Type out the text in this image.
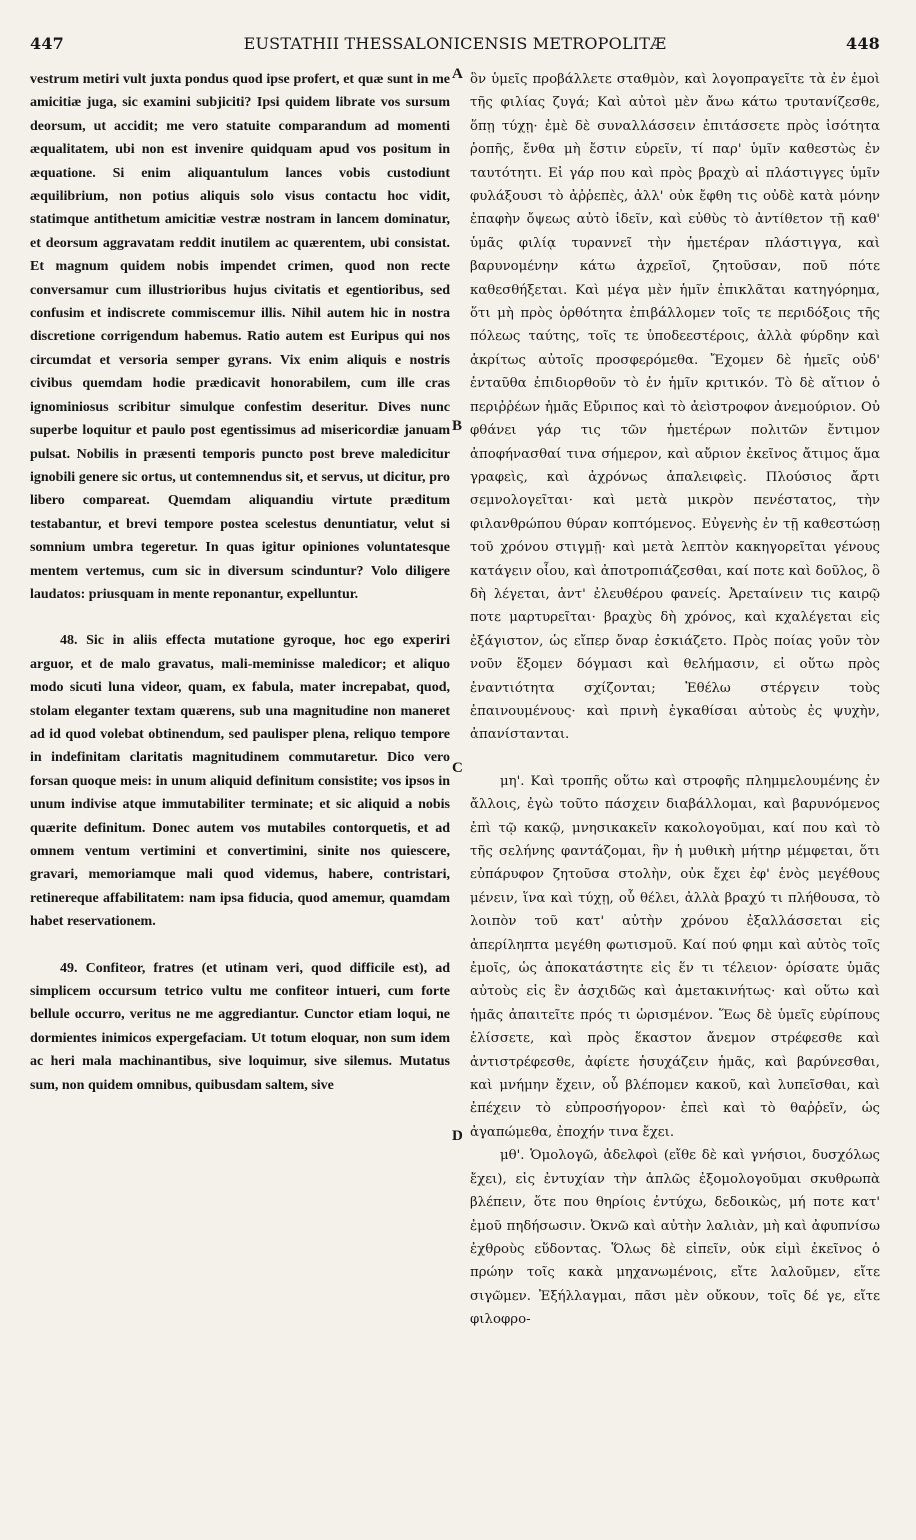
447	EUSTATHII THESSALONICENSIS METROPOLITÆ	448

vestrum metiri vult juxta pondus quod ipse profert, et quæ sunt in me amicitiæ juga, sic examini subjiciti? Ipsi quidem librate vos sursum deorsum, ut accidit; me vero statuite comparandum ad momenti æqualitatem, ubi non est invenire quidquam apud vos positum in æquatione. Si enim aliquantulum lances vobis custodiunt æquilibrium, non potius aliquis solo visus contactu hoc vidit, statimque antithetum amicitiæ vestræ nostram in lancem dominatur, et deorsum aggravatam reddit inutilem ac quærentem, ubi consistat. Et magnum quidem nobis impendet crimen, quod non recte conversamur cum illustrioribus hujus civitatis et egentioribus, sed confusim et indiscrete commiscemur illis. Nihil autem hic in nostra discretione corrigendum habemus. Ratio autem est Euripus qui nos circumdat et versoria semper gyrans. Vix enim aliquis e nostris civibus quemdam hodie prædicavit honorabilem, cum ille cras ignominiosus scribitur simulque confestim deseritur. Dives nunc superbe loquitur et paulo post egentissimus ad misericordiæ januam pulsat. Nobilis in præsenti temporis puncto post breve maledicitur ignobili genere sic ortus, ut contemnendus sit, et servus, ut dicitur, pro libero compareat. Quemdam aliquandiu virtute præditum testabantur, et brevi tempore postea scelestus denuntiatur, velut si somnium umbra tegeretur. In quas igitur opiniones voluntatesque mentem vertemus, cum sic in diversum scinduntur? Volo diligere laudatos: priusquam in mente reponantur, expelluntur.

48. Sic in aliis effecta mutatione gyroque, hoc ego experiri arguor, et de malo gravatus, mali-meminisse maledicor; et aliquo modo sicuti luna videor, quam, ex fabula, mater increpabat, quod, stolam eleganter textam quærens, sub una magnitudine non maneret ad id quod volebat obtinendum, sed paulisper plena, reliquo tempore in indefinitam claritatis magnitudinem commutaretur. Dico vero forsan quoque meis: in unum aliquid definitum consistite; vos ipsos in unum indivise atque immutabiliter terminate; et sic aliquid a nobis quærite definitum. Donec autem vos mutabiles contorquetis, et ad omnem ventum vertimini et convertimini, sinite nos quiescere, gravari, memoriamque mali quod videmus, habere, contristari, retinereque affabilitatem: nam ipsa fiducia, quod amemur, quamdam habet reservationem.

49. Confiteor, fratres (et utinam veri, quod difficile est), ad simplicem occursum tetrico vultu me confiteor intueri, cum forte bellule occurro, veritus ne me aggrediantur. Cunctor etiam loqui, ne dormientes inimicos expergefaciam. Ut totum eloquar, non sum idem ac heri mala machinantibus, sive loquimur, sive silemus. Mutatus sum, non quidem omnibus, quibusdam saltem, sive

A
B
C
D

ὃν ὑμεῖς προβάλλετε σταθμὸν, καὶ λογοπραγεῖτε τὰ ἐν ἐμοὶ τῆς φιλίας ζυγά; Καὶ αὐτοὶ μὲν ἄνω κάτω τρυτανίζεσθε, ὅπῃ τύχῃ· ἐμὲ δὲ συναλλάσσειν ἐπιτάσσετε πρὸς ἰσότητα ῥοπῆς, ἔνθα μὴ ἔστιν εὑρεῖν, τί παρ' ὑμῖν καθεστὼς ἐν ταυτότητι. Εἰ γάρ που καὶ πρὸς βραχὺ αἱ πλάστιγγες ὑμῖν φυλάξουσι τὸ ἀῤῥεπὲς, ἀλλ' οὐκ ἔφθη τις οὐδὲ κατὰ μόνην ἐπαφὴν ὄψεως αὐτὸ ἰδεῖν, καὶ εὐθὺς τὸ ἀντίθετον τῇ καθ' ὑμᾶς φιλίᾳ τυραννεῖ τὴν ἡμετέραν πλάστιγγα, καὶ βαρυνομένην κάτω ἀχρεῖοῖ, ζητοῦσαν, ποῦ πότε καθεσθήξεται. Καὶ μέγα μὲν ἡμῖν ἐπικλᾶται κατηγόρημα, ὅτι μὴ πρὸς ὀρθότητα ἐπιβάλλομεν τοῖς τε περιδόξοις τῆς πόλεως ταύτης, τοῖς τε ὑποδεεστέροις, ἀλλὰ φύρδην καὶ ἀκρίτως αὐτοῖς προσφερόμεθα. Ἔχομεν δὲ ἡμεῖς οὐδ' ἐνταῦθα ἐπιδιορθοῦν τὸ ἐν ἡμῖν κριτικόν. Τὸ δὲ αἴτιον ὁ περιῤῥέων ἡμᾶς Εὔριπος καὶ τὸ ἀεὶστροφον ἀνεμούριον. Οὐ φθάνει γάρ τις τῶν ἡμετέρων πολιτῶν ἔντιμον ἀποφήνασθαί τινα σήμερον, καὶ αὔριον ἐκεῖνος ἄτιμος ἅμα γραφεὶς, καὶ ἀχρόνως ἀπαλειφεὶς. Πλούσιος ἄρτι σεμνολογεῖται· καὶ μετὰ μικρὸν πενέστατος, τὴν φιλανθρώπου θύραν κοπτόμενος. Εὐγενὴς ἐν τῇ καθεστώσῃ τοῦ χρόνου στιγμῇ· καὶ μετὰ λεπτὸν κακηγορεῖται γένους κατάγειν οἷου, καὶ ἀποτροπιάζεσθαι, καί ποτε καὶ δοῦλος, ὃ δὴ λέγεται, ἀντ' ἐλευθέρου φανείς. Ἀρεταίνειν τις καιρῷ ποτε μαρτυρεῖται· βραχὺς δὴ χρόνος, καὶ κχαλέγεται εἰς ἐξάγιστον, ὡς εἴπερ ὄναρ ἐσκιάζετο. Πρὸς ποίας γοῦν τὸν νοῦν ἕξομεν δόγμασι καὶ θελήμασιν, εἰ οὕτω πρὸς ἐναντιότητα σχίζονται; Ἐθέλω στέργειν τοὺς ἐπαινουμένους· καὶ πρινὴ ἐγκαθίσαι αὐτοὺς ἐς ψυχὴν, ἀπανίστανται.

μη'. Καὶ τροπῆς οὕτω καὶ στροφῆς πλημμελουμένης ἐν ἄλλοις, ἐγὼ τοῦτο πάσχειν διαβάλλομαι, καὶ βαρυνόμενος ἐπὶ τῷ κακῷ, μνησικακεῖν κακολογοῦμαι, καί που καὶ τὸ τῆς σελήνης φαντάζομαι, ἣν ἡ μυθικὴ μήτηρ μέμφεται, ὅτι εὐπάρυφον ζητοῦσα στολὴν, οὐκ ἔχει ἐφ' ἑνὸς μεγέθους μένειν, ἵνα καὶ τύχῃ, οὗ θέλει, ἀλλὰ βραχύ τι πλήθουσα, τὸ λοιπὸν τοῦ κατ' αὐτὴν χρόνου ἐξαλλάσσεται εἰς ἀπερίληπτα μεγέθη φωτισμοῦ. Καί πού φημι καὶ αὐτὸς τοῖς ἐμοῖς, ὡς ἀποκατάστητε εἰς ἕν τι τέλειον· ὁρίσατε ὑμᾶς αὐτοὺς εἰς ἓν ἀσχιδῶς καὶ ἀμετακινήτως· καὶ οὕτω καὶ ἡμᾶς ἀπαιτεῖτε πρός τι ὡρισμένον. Ἕως δὲ ὑμεῖς εὐρίπους ἑλίσσετε, καὶ πρὸς ἕκαστον ἄνεμον στρέφεσθε καὶ ἀντιστρέφεσθε, ἀφίετε ἡσυχάζειν ἡμᾶς, καὶ βαρύνεσθαι, καὶ μνήμην ἔχειν, οὗ βλέπομεν κακοῦ, καὶ λυπεῖσθαι, καὶ ἐπέχειν τὸ εὐπροσήγορον· ἐπεὶ καὶ τὸ θαῤῥεῖν, ὡς ἀγαπώμεθα, ἐποχήν τινα ἔχει.

μθ'. Ὁμολογῶ, ἀδελφοὶ (εἴθε δὲ καὶ γνήσιοι, δυσχόλως ἔχει), εἰς ἐντυχίαν τὴν ἁπλῶς ἐξομολογοῦμαι σκυθρωπὰ βλέπειν, ὅτε που θηρίοις ἐντύχω, δεδοικὼς, μή ποτε κατ' ἐμοῦ πηδήσωσιν. Ὀκνῶ καὶ αὐτὴν λαλιὰν, μὴ καὶ ἀφυπνίσω ἐχθροὺς εὕδοντας. Ὅλως δὲ εἰπεῖν, οὐκ εἰμὶ ἐκεῖνος ὁ πρώην τοῖς κακὰ μηχανωμένοις, εἴτε λαλοῦμεν, εἴτε σιγῶμεν. Ἐξήλλαγμαι, πᾶσι μὲν οὔκουν, τοῖς δέ γε, εἴτε φιλοφρο-
